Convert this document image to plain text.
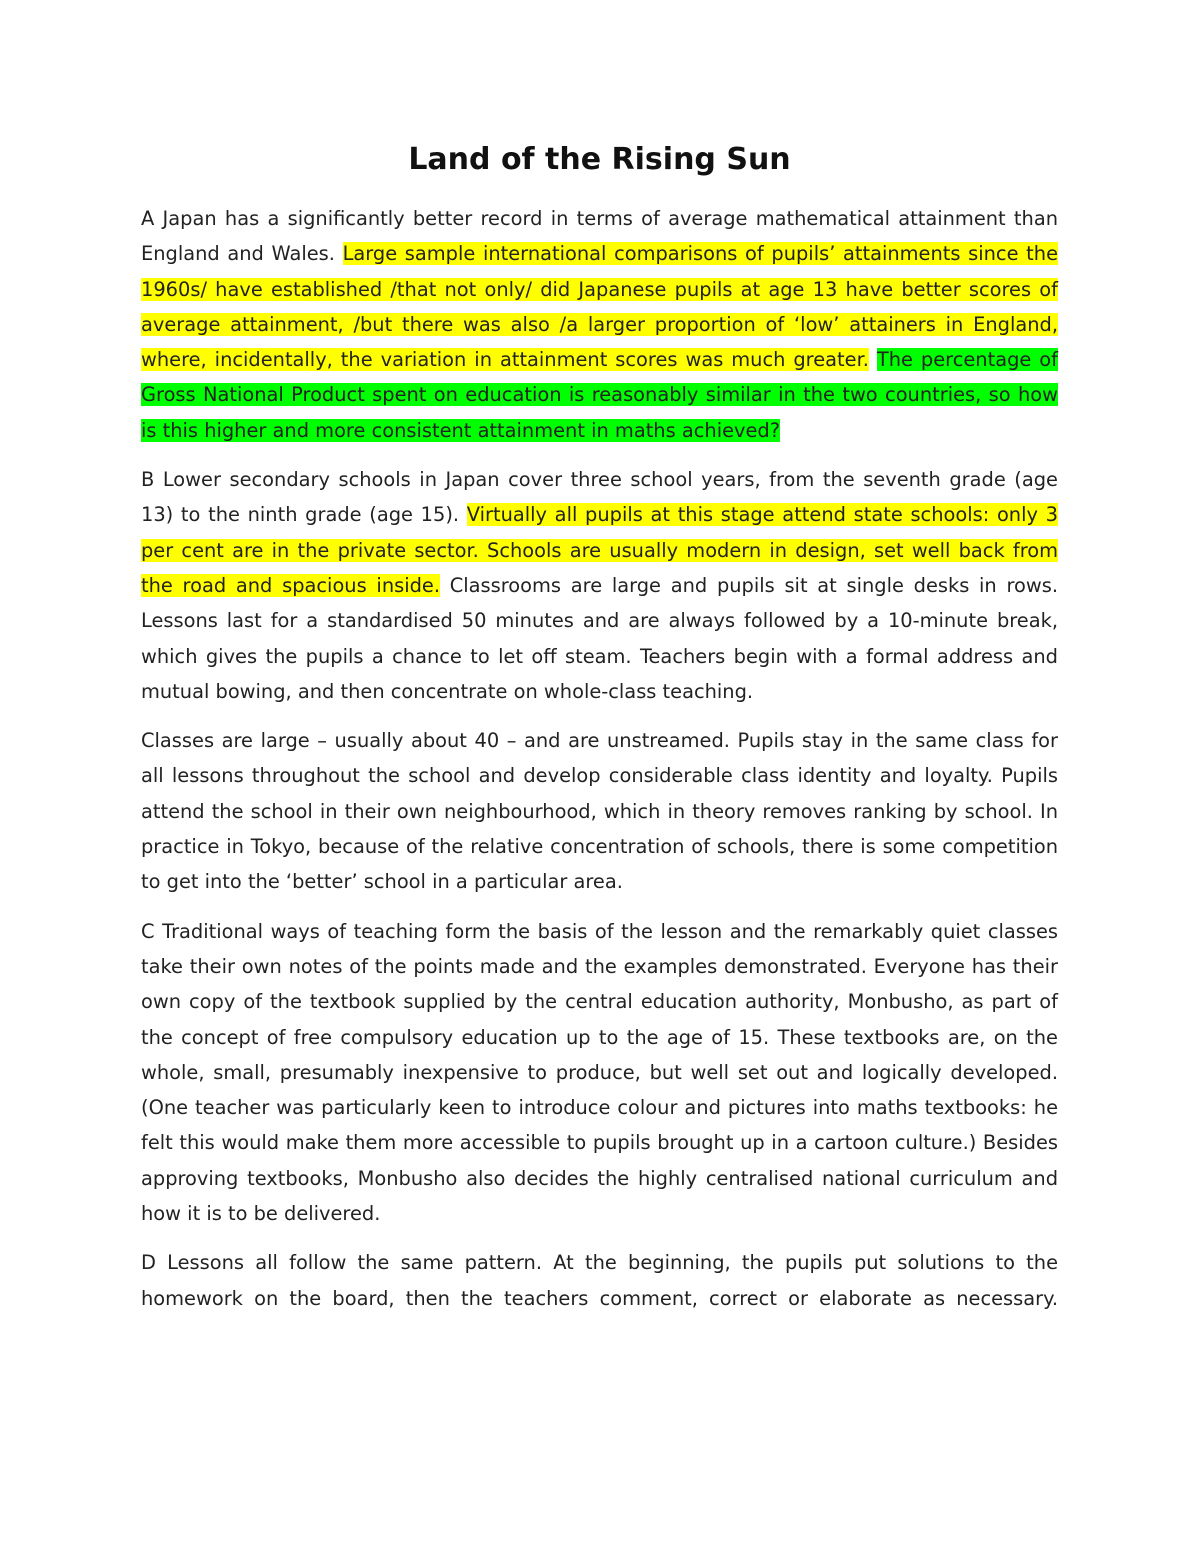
Land of the Rising Sun

A Japan has a significantly better record in terms of average mathematical attainment than England and Wales. Large sample international comparisons of pupils’ attainments since the 1960s/ have established /that not only/ did Japanese pupils at age 13 have better scores of average attainment, /but there was also /a larger proportion of ‘low’ attainers in England, where, incidentally, the variation in attainment scores was much greater. The percentage of Gross National Product spent on education is reasonably similar in the two countries, so how is this higher and more consistent attainment in maths achieved?

B Lower secondary schools in Japan cover three school years, from the seventh grade (age 13) to the ninth grade (age 15). Virtually all pupils at this stage attend state schools: only 3 per cent are in the private sector. Schools are usually modern in design, set well back from the road and spacious inside. Classrooms are large and pupils sit at single desks in rows. Lessons last for a standardised 50 minutes and are always followed by a 10-minute break, which gives the pupils a chance to let off steam. Teachers begin with a formal address and mutual bowing, and then concentrate on whole-class teaching.

Classes are large – usually about 40 – and are unstreamed. Pupils stay in the same class for all lessons throughout the school and develop considerable class identity and loyalty. Pupils attend the school in their own neighbourhood, which in theory removes ranking by school. In practice in Tokyo, because of the relative concentration of schools, there is some competition to get into the ‘better’ school in a particular area.

C Traditional ways of teaching form the basis of the lesson and the remarkably quiet classes take their own notes of the points made and the examples demonstrated. Everyone has their own copy of the textbook supplied by the central education authority, Monbusho, as part of the concept of free compulsory education up to the age of 15. These textbooks are, on the whole, small, presumably inexpensive to produce, but well set out and logically developed. (One teacher was particularly keen to introduce colour and pictures into maths textbooks: he felt this would make them more accessible to pupils brought up in a cartoon culture.) Besides approving textbooks, Monbusho also decides the highly centralised national curriculum and how it is to be delivered.

D Lessons all follow the same pattern. At the beginning, the pupils put solutions to the homework on the board, then the teachers comment, correct or elaborate as necessary.
